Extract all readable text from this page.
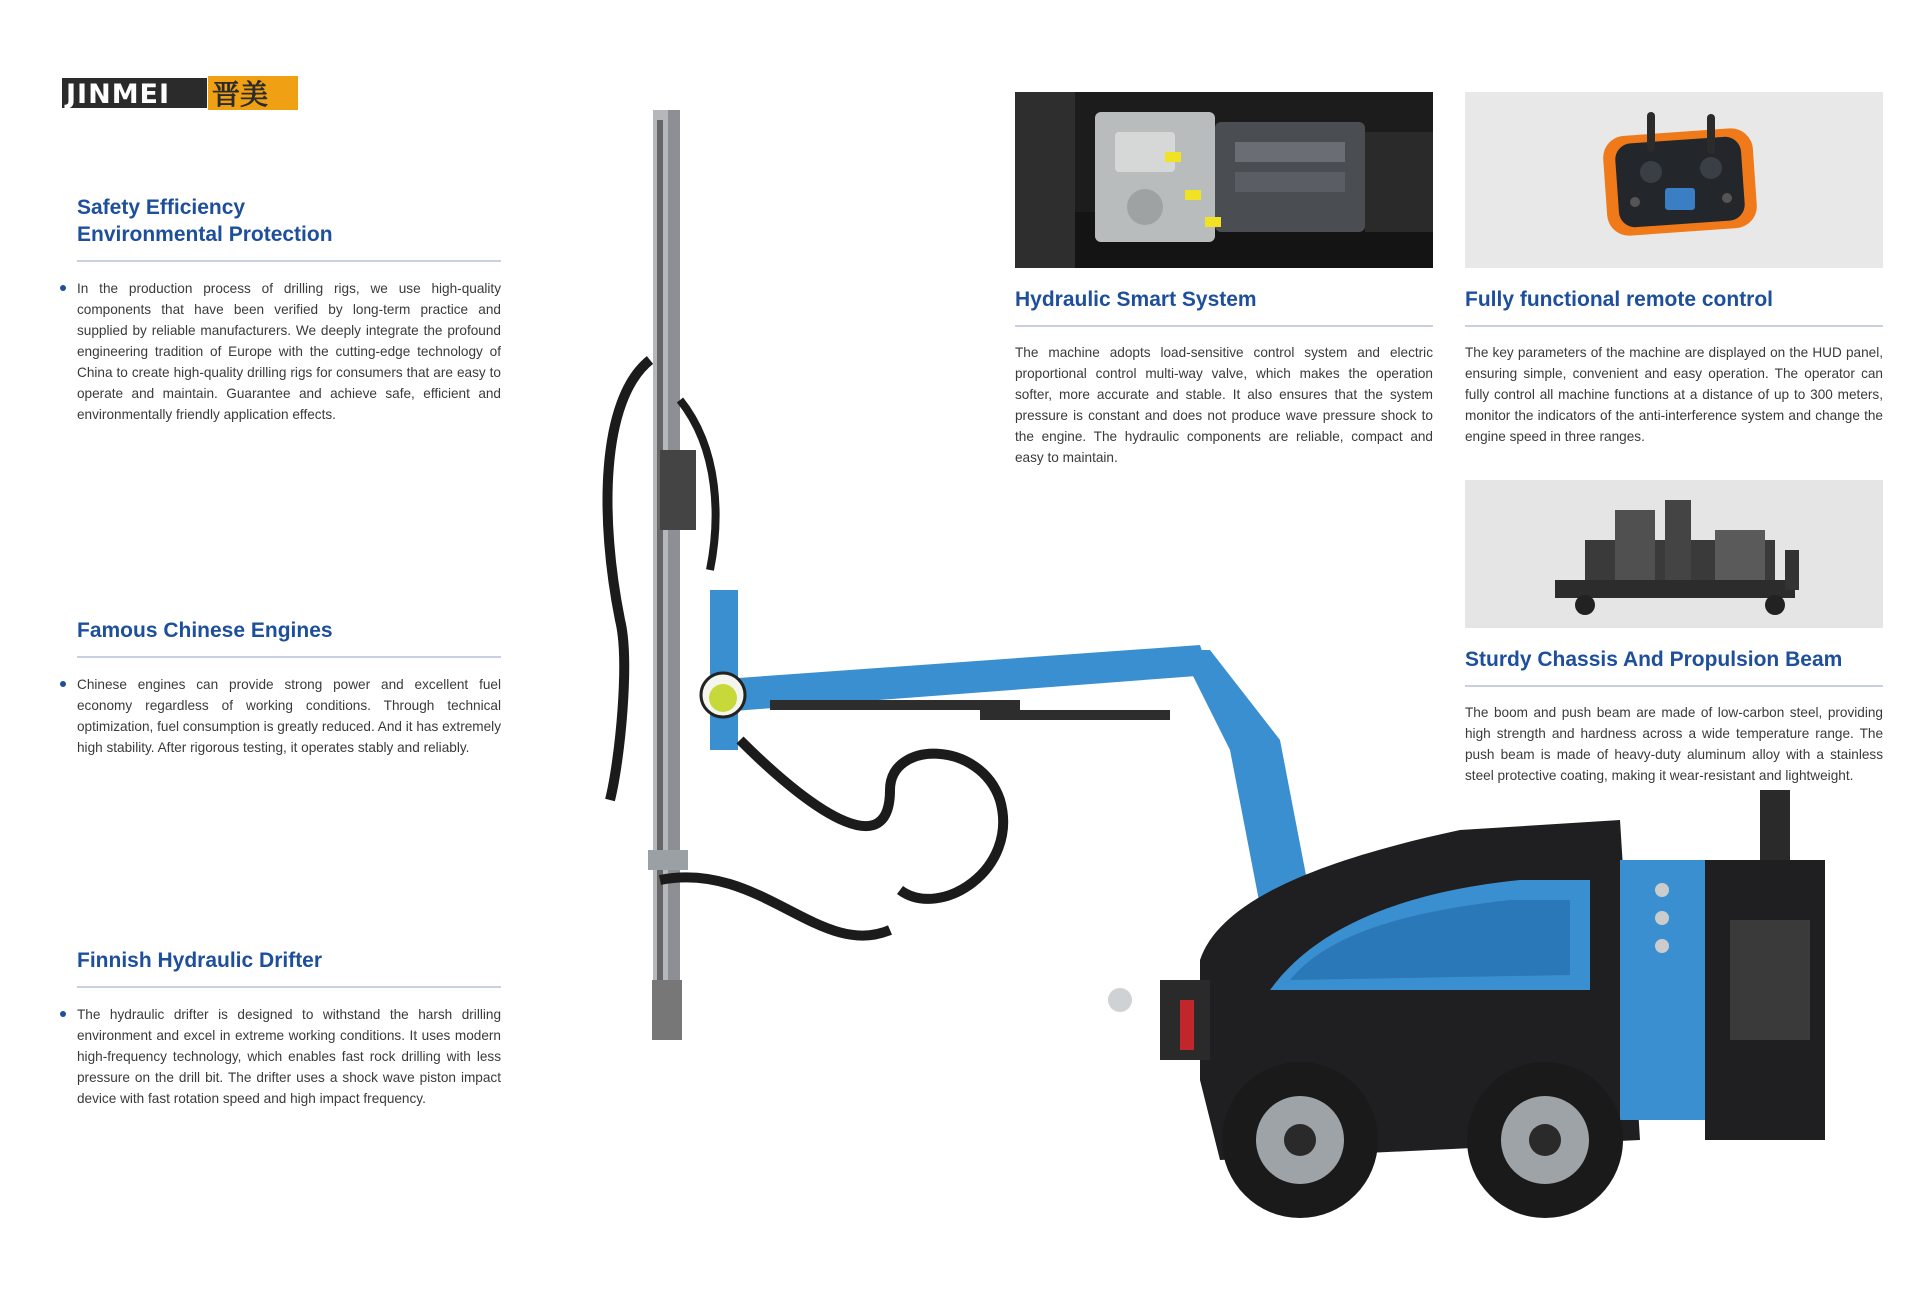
JINMEI 晋美
Safety Efficiency
Environmental Protection
In the production process of drilling rigs, we use high-quality components that have been verified by long-term practice and supplied by reliable manufacturers. We deeply integrate the profound engineering tradition of Europe with the cutting-edge technology of China to create high-quality drilling rigs for consumers that are easy to operate and maintain. Guarantee and achieve safe, efficient and environmentally friendly application effects.
Famous Chinese Engines
Chinese engines can provide strong power and excellent fuel economy regardless of working conditions. Through technical optimization, fuel consumption is greatly reduced. And it has extremely high stability. After rigorous testing, it operates stably and reliably.
Finnish Hydraulic Drifter
The hydraulic drifter is designed to withstand the harsh drilling environment and excel in extreme working conditions. It uses modern high-frequency technology, which enables fast rock drilling with less pressure on the drill bit. The drifter uses a shock wave piston impact device with fast rotation speed and high impact frequency.
Hydraulic Smart System
The machine adopts load-sensitive control system and electric proportional control multi-way valve, which makes the operation softer, more accurate and stable. It also ensures that the system pressure is constant and does not produce wave pressure shock to the engine. The hydraulic components are reliable, compact and easy to maintain.
Fully functional remote control
The key parameters of the machine are displayed on the HUD panel, ensuring simple, convenient and easy operation. The operator can fully control all machine functions at a distance of up to 300 meters, monitor the indicators of the anti-interference system and change the engine speed in three ranges.
Sturdy Chassis And Propulsion Beam
The boom and push beam are made of low-carbon steel, providing high strength and hardness across a wide temperature range. The push beam is made of heavy-duty aluminum alloy with a stainless steel protective coating, making it wear-resistant and lightweight.
